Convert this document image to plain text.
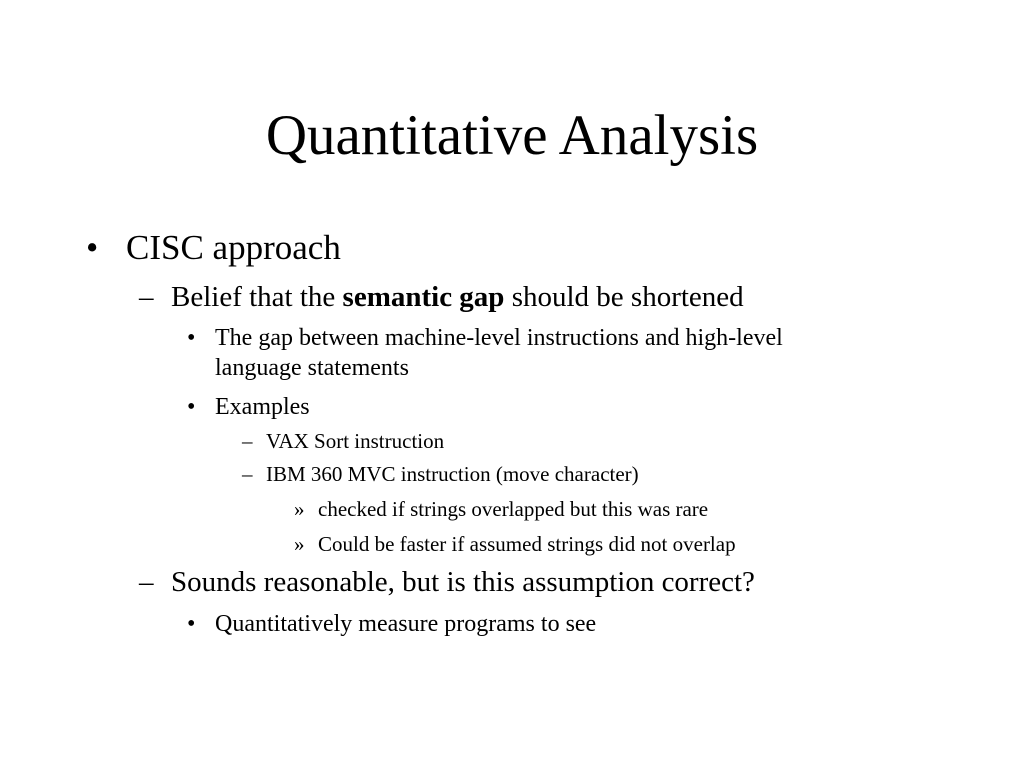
Quantitative Analysis
• CISC approach
– Belief that the semantic gap should be shortened
• The gap between machine-level instructions and high-level
language statements
• Examples
– VAX Sort instruction
– IBM 360 MVC instruction (move character)
» checked if strings overlapped but this was rare
» Could be faster if assumed strings did not overlap
– Sounds reasonable, but is this assumption correct?
• Quantitatively measure programs to see
